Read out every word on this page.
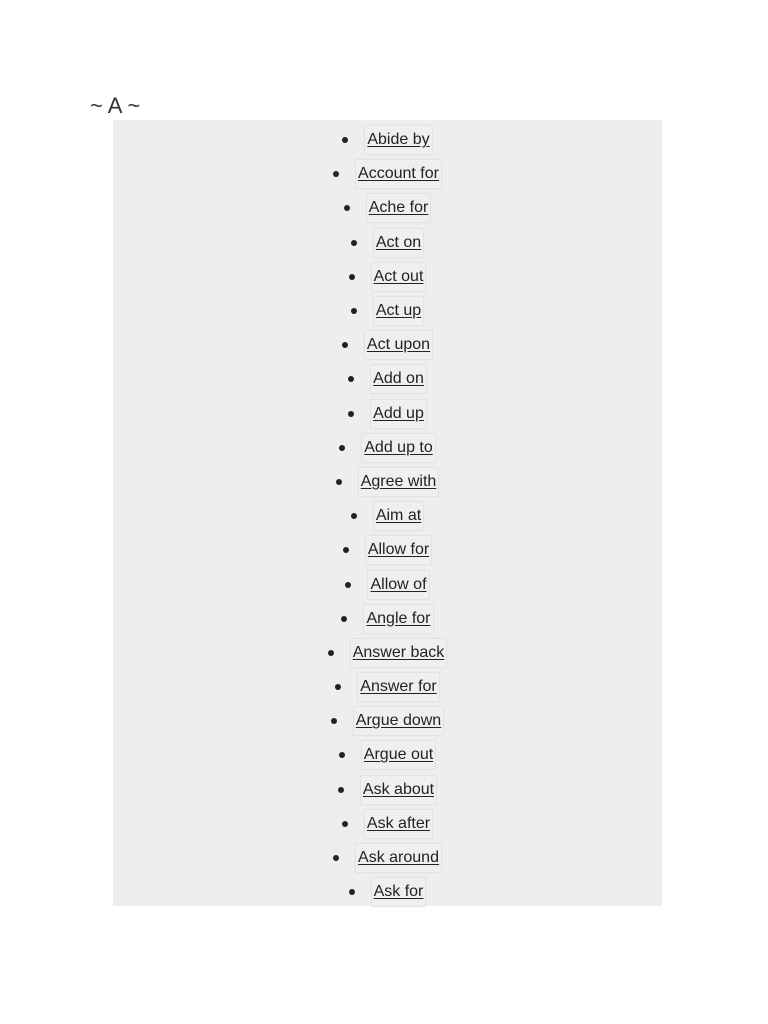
~ A ~
Abide by
Account for
Ache for
Act on
Act out
Act up
Act upon
Add on
Add up
Add up to
Agree with
Aim at
Allow for
Allow of
Angle for
Answer back
Answer for
Argue down
Argue out
Ask about
Ask after
Ask around
Ask for
